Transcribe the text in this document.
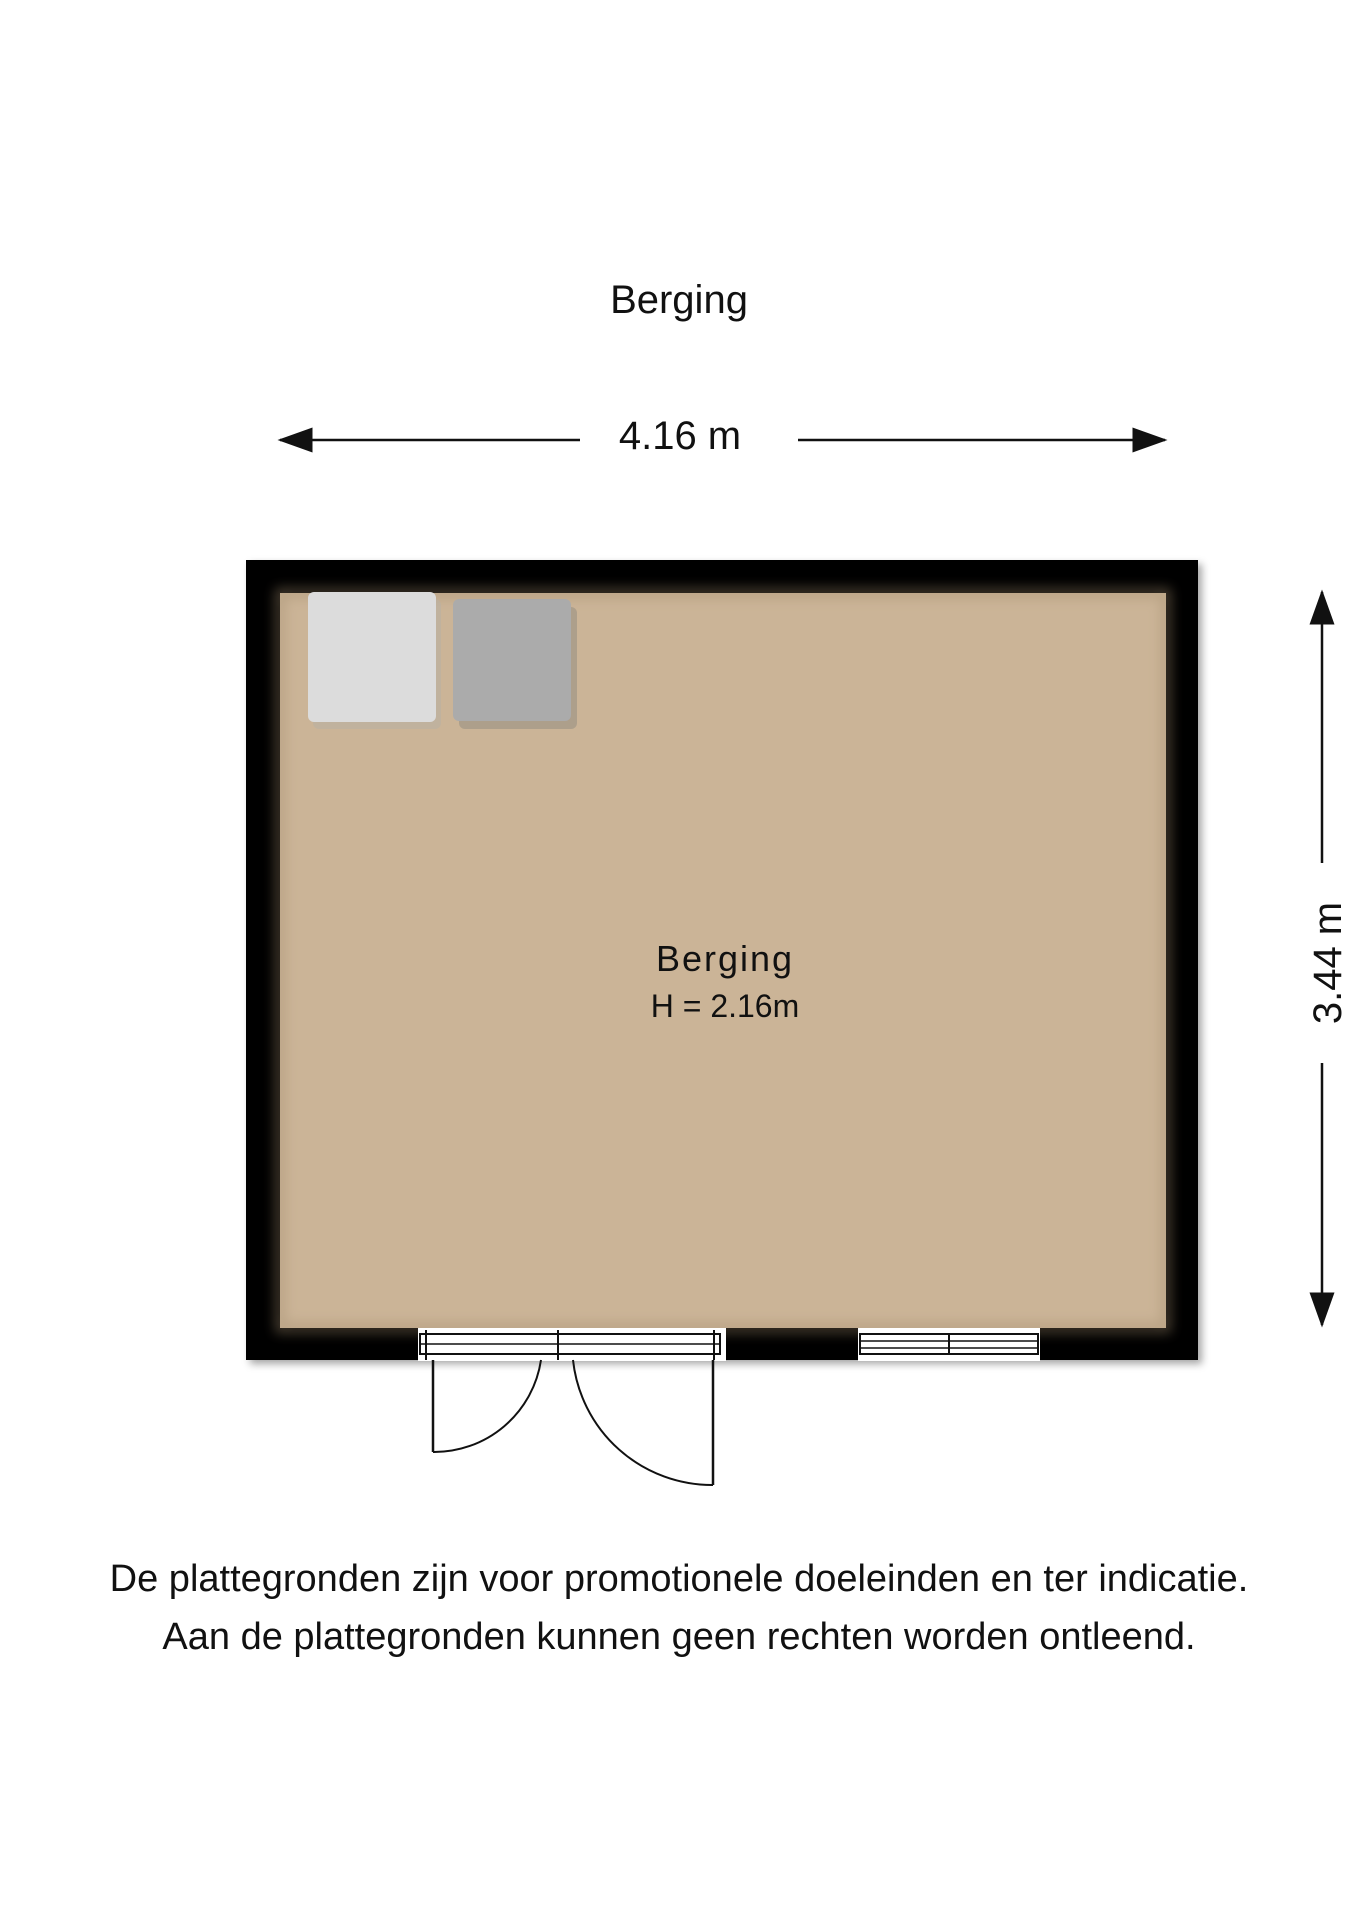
Berging
4.16 m
3.44 m
Berging
H = 2.16m
De plattegronden zijn voor promotionele doeleinden en ter indicatie.
Aan de plattegronden kunnen geen rechten worden ontleend.
